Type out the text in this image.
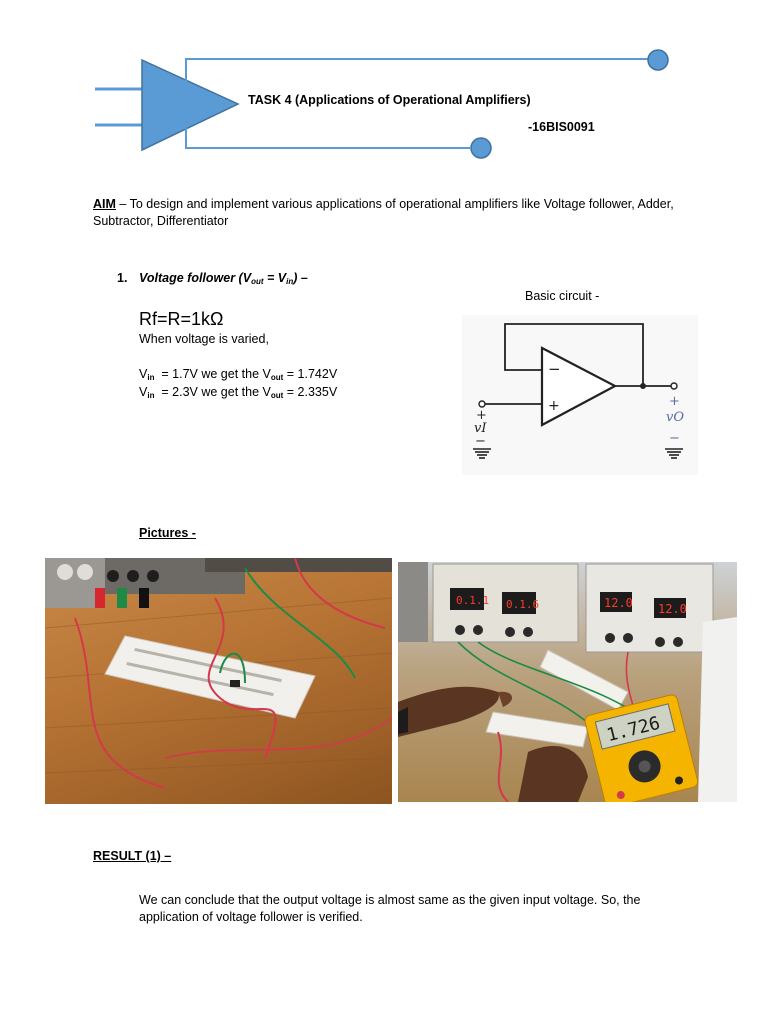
TASK 4 (Applications of Operational Amplifiers)
-16BIS0091
AIM – To design and implement various applications of operational amplifiers like Voltage follower, Adder, Subtractor, Differentiator
1. Voltage follower $(V_{out} = V_{in})$ –
Basic circuit -
Rf=R=1kΩ
When voltage is varied,
$V_{in} = 1.7V$ we get the $V_{out} = 1.742V$
$V_{in} = 2.3V$ we get the $V_{out} = 2.335V$
−
+
+
vI
−
+
vO
−
Pictures -
0.1.1 0.1.6	12.0 12.0
1.726
RESULT (1) –
We can conclude that the output voltage is almost same as the given input voltage. So, the application of voltage follower is verified.
